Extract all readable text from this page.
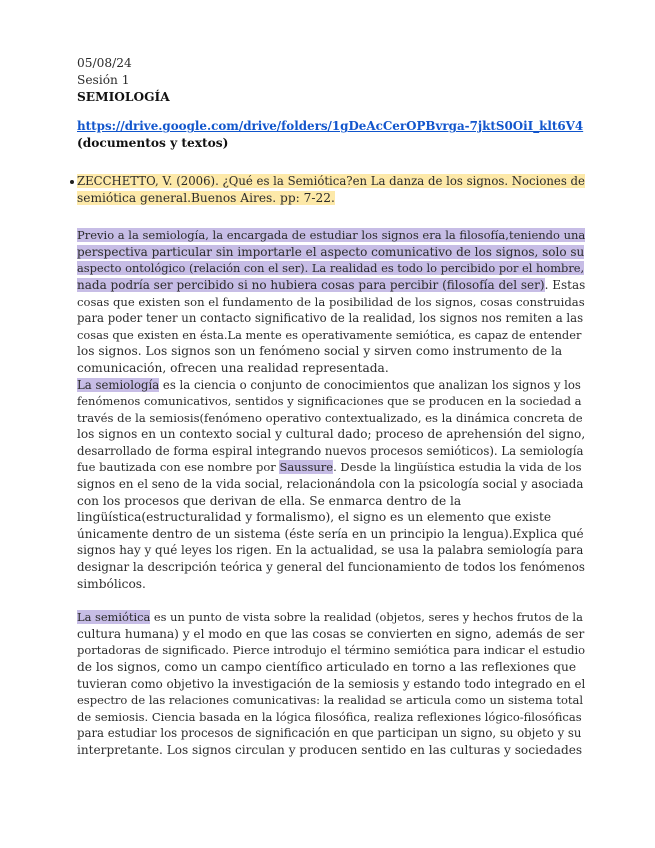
05/08/24
Sesión 1
SEMIOLOGÍA
https://drive.google.com/drive/folders/1gDeAcCerOPBvrga-7jktS0OiI_klt6V4
(documentos y textos)
ZECCHETTO, V. (2006). ¿Qué es la Semiótica?en La danza de los signos. Nociones de
semiótica general.Buenos Aires. pp: 7-22.
Previo a la semiología, la encargada de estudiar los signos era la filosofía,teniendo una
perspectiva particular sin importarle el aspecto comunicativo de los signos, solo su
aspecto ontológico (relación con el ser). La realidad es todo lo percibido por el hombre,
nada podría ser percibido si no hubiera cosas para percibir (filosofía del ser). Estas
cosas que existen son el fundamento de la posibilidad de los signos, cosas construidas
para poder tener un contacto significativo de la realidad, los signos nos remiten a las
cosas que existen en ésta.La mente es operativamente semiótica, es capaz de entender
los signos. Los signos son un fenómeno social y sirven como instrumento de la
comunicación, ofrecen una realidad representada.
La semiología es la ciencia o conjunto de conocimientos que analizan los signos y los
fenómenos comunicativos, sentidos y significaciones que se producen en la sociedad a
través de la semiosis(fenómeno operativo contextualizado, es la dinámica concreta de
los signos en un contexto social y cultural dado; proceso de aprehensión del signo,
desarrollado de forma espiral integrando nuevos procesos semióticos). La semiología
fue bautizada con ese nombre por Saussure. Desde la lingüística estudia la vida de los
signos en el seno de la vida social, relacionándola con la psicología social y asociada
con los procesos que derivan de ella. Se enmarca dentro de la
lingüística(estructuralidad y formalismo), el signo es un elemento que existe
únicamente dentro de un sistema (éste sería en un principio la lengua).Explica qué
signos hay y qué leyes los rigen. En la actualidad, se usa la palabra semiología para
designar la descripción teórica y general del funcionamiento de todos los fenómenos
simbólicos.
La semiótica es un punto de vista sobre la realidad (objetos, seres y hechos frutos de la
cultura humana) y el modo en que las cosas se convierten en signo, además de ser
portadoras de significado. Pierce introdujo el término semiótica para indicar el estudio
de los signos, como un campo científico articulado en torno a las reflexiones que
tuvieran como objetivo la investigación de la semiosis y estando todo integrado en el
espectro de las relaciones comunicativas: la realidad se articula como un sistema total
de semiosis. Ciencia basada en la lógica filosófica, realiza reflexiones lógico-filosóficas
para estudiar los procesos de significación en que participan un signo, su objeto y su
interpretante. Los signos circulan y producen sentido en las culturas y sociedades
